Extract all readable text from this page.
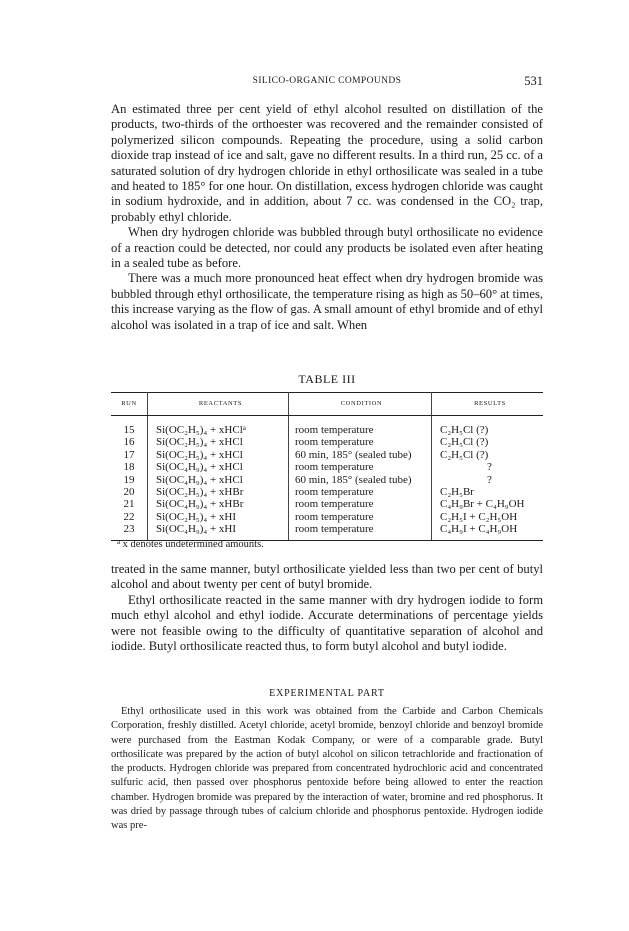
SILICO-ORGANIC COMPOUNDS	531

An estimated three per cent yield of ethyl alcohol resulted on distillation of the products, two-thirds of the orthoester was recovered and the remainder consisted of polymerized silicon compounds. Repeating the procedure, using a solid carbon dioxide trap instead of ice and salt, gave no different results. In a third run, 25 cc. of a saturated solution of dry hydrogen chloride in ethyl orthosilicate was sealed in a tube and heated to 185° for one hour. On distillation, excess hydrogen chloride was caught in sodium hydroxide, and in addition, about 7 cc. was condensed in the CO₂ trap, probably ethyl chloride.

When dry hydrogen chloride was bubbled through butyl orthosilicate no evidence of a reaction could be detected, nor could any products be isolated even after heating in a sealed tube as before.

There was a much more pronounced heat effect when dry hydrogen bromide was bubbled through ethyl orthosilicate, the temperature rising as high as 50–60° at times, this increase varying as the flow of gas. A small amount of ethyl bromide and of ethyl alcohol was isolated in a trap of ice and salt. When

TABLE III
RUN	REACTANTS	CONDITION	RESULTS
15	Si(OC₂H₅)₄ + xHCl$^a$	room temperature	C₂H₅Cl (?)
16	Si(OC₂H₅)₄ + xHCl	room temperature	C₂H₅Cl (?)
17	Si(OC₂H₅)₄ + xHCl	60 min, 185° (sealed tube)	C₂H₅Cl (?)
18	Si(OC₄H₉)₄ + xHCl	room temperature	?
19	Si(OC₄H₉)₄ + xHCl	60 min, 185° (sealed tube)	?
20	Si(OC₂H₅)₄ + xHBr	room temperature	C₂H₅Br
21	Si(OC₄H₉)₄ + xHBr	room temperature	C₄H₉Br + C₄H₉OH
22	Si(OC₂H₅)₄ + xHI	room temperature	C₂H₅I + C₂H₅OH
23	Si(OC₄H₉)₄ + xHI	room temperature	C₄H₉I + C₄H₉OH
$^a$ x denotes undetermined amounts.

treated in the same manner, butyl orthosilicate yielded less than two per cent of butyl alcohol and about twenty per cent of butyl bromide.

Ethyl orthosilicate reacted in the same manner with dry hydrogen iodide to form much ethyl alcohol and ethyl iodide. Accurate determinations of percentage yields were not feasible owing to the difficulty of quantitative separation of alcohol and iodide. Butyl orthosilicate reacted thus, to form butyl alcohol and butyl iodide.

EXPERIMENTAL PART

Ethyl orthosilicate used in this work was obtained from the Carbide and Carbon Chemicals Corporation, freshly distilled. Acetyl chloride, acetyl bromide, benzoyl chloride and benzoyl bromide were purchased from the Eastman Kodak Company, or were of a comparable grade. Butyl orthosilicate was prepared by the action of butyl alcohol on silicon tetrachloride and fractionation of the products. Hydrogen chloride was prepared from concentrated hydrochloric acid and concentrated sulfuric acid, then passed over phosphorus pentoxide before being allowed to enter the reaction chamber. Hydrogen bromide was prepared by the interaction of water, bromine and red phosphorus. It was dried by passage through tubes of calcium chloride and phosphorus pentoxide. Hydrogen iodide was pre-
